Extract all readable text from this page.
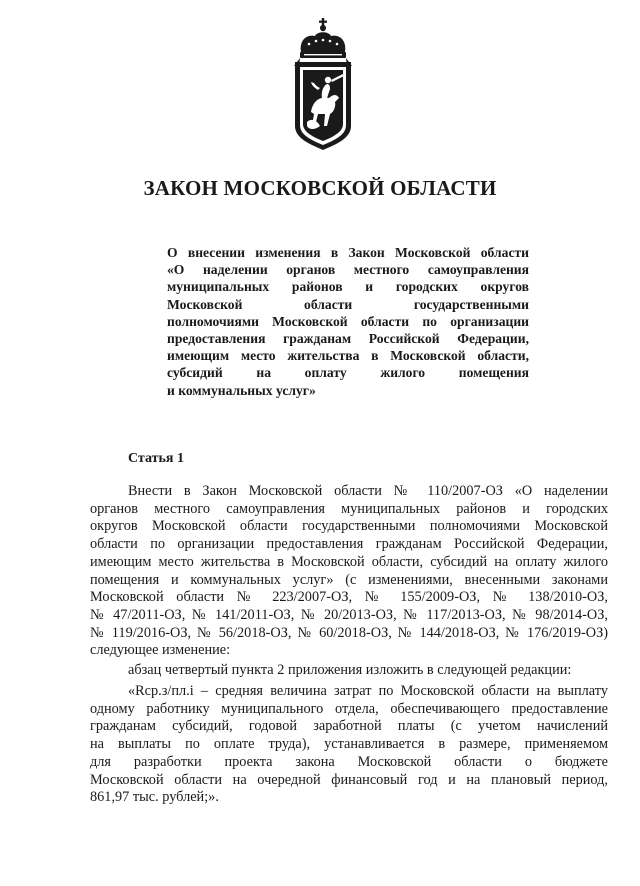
ЗАКОН МОСКОВСКОЙ ОБЛАСТИ
О внесении изменения в Закон Московской области
«О наделении органов местного самоуправления
муниципальных районов и городских округов
Московской области государственными
полномочиями Московской области по организации
предоставления гражданам Российской Федерации,
имеющим место жительства в Московской области,
субсидий на оплату жилого помещения
и коммунальных услуг»
Статья 1
Внести в Закон Московской области № 110/2007-ОЗ «О наделении
органов местного самоуправления муниципальных районов и городских
округов Московской области государственными полномочиями Московской
области по организации предоставления гражданам Российской Федерации,
имеющим место жительства в Московской области, субсидий на оплату жилого
помещения и коммунальных услуг» (с изменениями, внесенными законами
Московской области № 223/2007-ОЗ, № 155/2009-ОЗ, № 138/2010-ОЗ,
№ 47/2011-ОЗ, № 141/2011-ОЗ, № 20/2013-ОЗ, № 117/2013-ОЗ, № 98/2014-ОЗ,
№ 119/2016-ОЗ, № 56/2018-ОЗ, № 60/2018-ОЗ, № 144/2018-ОЗ, № 176/2019-ОЗ)
следующее изменение:
абзац четвертый пункта 2 приложения изложить в следующей редакции:
«Rср.з/пл.i – средняя величина затрат по Московской области на выплату
одному работнику муниципального отдела, обеспечивающего предоставление
гражданам субсидий, годовой заработной платы (с учетом начислений
на выплаты по оплате труда), устанавливается в размере, применяемом
для разработки проекта закона Московской области о бюджете
Московской области на очередной финансовый год и на плановый период,
861,97 тыс. рублей;».
